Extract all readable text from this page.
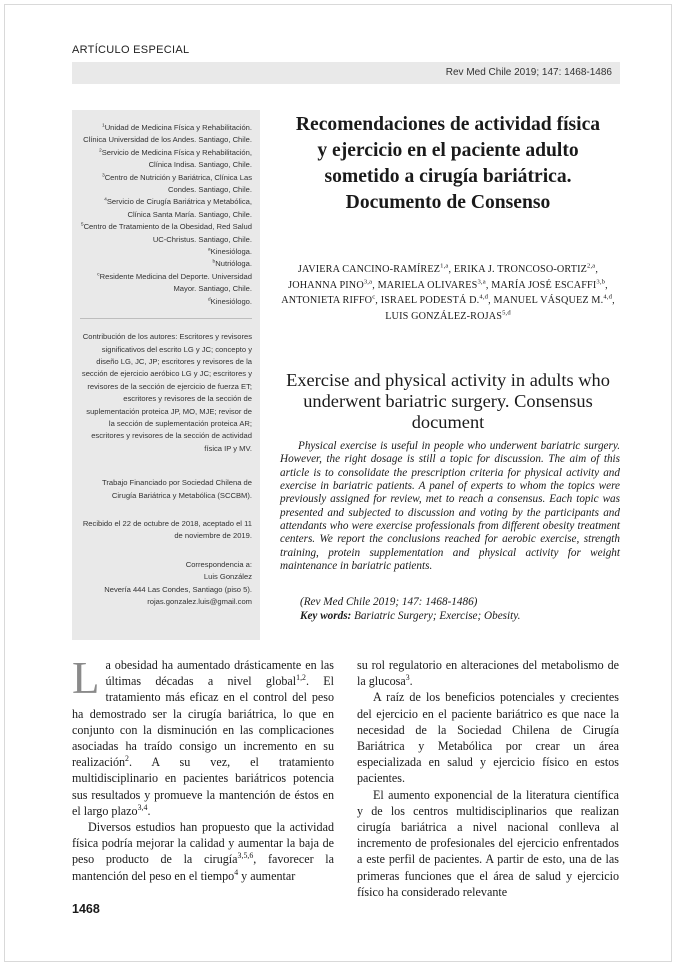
ARTÍCULO ESPECIAL
Rev Med Chile 2019; 147: 1468-1486

$^1$Unidad de Medicina Física y Rehabilitación. Clínica Universidad de los Andes. Santiago, Chile.

$^2$Servicio de Medicina Física y Rehabilitación, Clínica Indisa. Santiago, Chile.

$^3$Centro de Nutrición y Bariátrica, Clínica Las Condes. Santiago, Chile.

$^4$Servicio de Cirugía Bariátrica y Metabólica, Clínica Santa María. Santiago, Chile.

$^5$Centro de Tratamiento de la Obesidad, Red Salud UC-Christus. Santiago, Chile.

$^a$Kinesióloga.

$^b$Nutrióloga.

$^c$Residente Medicina del Deporte. Universidad Mayor. Santiago, Chile.

$^d$Kinesiólogo.

Contribución de los autores: Escritores y revisores significativos del escrito LG y JC; concepto y diseño LG, JC, JP; escritores y revisores de la sección de ejercicio aeróbico LG y JC; escritores y revisores de la sección de ejercicio de fuerza ET; escritores y revisores de la sección de suplementación proteica JP, MO, MJE; revisor de la sección de suplementación proteica AR; escritores y revisores de la sección de actividad física IP y MV.

Trabajo Financiado por Sociedad Chilena de Cirugía Bariátrica y Metabólica (SCCBM).

Recibido el 22 de octubre de 2018, aceptado el 11 de noviembre de 2019.

Correspondencia a:

Luis González

Nevería 444 Las Condes, Santiago (piso 5).

rojas.gonzalez.luis@gmail.com

Recomendaciones de actividad física y ejercicio en el paciente adulto sometido a cirugía bariátrica. Documento de Consenso
JAVIERA CANCINO-RAMÍREZ$^{1,a}$, ERIKA J. TRONCOSO-ORTIZ$^{2,a}$, JOHANNA PINO$^{3,a}$, MARIELA OLIVARES$^{3,a}$, MARÍA JOSÉ ESCAFFI$^{3,b}$, ANTONIETA RIFFO$^c$, ISRAEL PODESTÁ D.$^{4,d}$, MANUEL VÁSQUEZ M.$^{4,d}$, LUIS GONZÁLEZ-ROJAS$^{5,d}$
Exercise and physical activity in adults who underwent bariatric surgery. Consensus document

Physical exercise is useful in people who underwent bariatric surgery. However, the right dosage is still a topic for discussion. The aim of this article is to consolidate the prescription criteria for physical activity and exercise in bariatric patients. A panel of experts to whom the topics were previously assigned for review, met to reach a consensus. Each topic was presented and subjected to discussion and voting by the participants and attendants who were exercise professionals from different obesity treatment centers. We report the conclusions reached for aerobic exercise, strength training, protein supplementation and physical activity for weight maintenance in bariatric patients.

(Rev Med Chile 2019; 147: 1468-1486)
Key words: Bariatric Surgery; Exercise; Obesity.

La obesidad ha aumentado drásticamente en las últimas décadas a nivel global$^{1,2}$. El tratamiento más eficaz en el control del peso ha demostrado ser la cirugía bariátrica, lo que en conjunto con la disminución en las complicaciones asociadas ha traído consigo un incremento en su realización$^2$. A su vez, el tratamiento multidisciplinario en pacientes bariátricos potencia sus resultados y promueve la mantención de éstos en el largo plazo$^{3,4}$.

Diversos estudios han propuesto que la actividad física podría mejorar la calidad y aumentar la baja de peso producto de la cirugía$^{3,5,6}$, favorecer la mantención del peso en el tiempo$^4$ y aumentar

su rol regulatorio en alteraciones del metabolismo de la glucosa$^3$.

A raíz de los beneficios potenciales y crecientes del ejercicio en el paciente bariátrico es que nace la necesidad de la Sociedad Chilena de Cirugía Bariátrica y Metabólica por crear un área especializada en salud y ejercicio físico en estos pacientes.

El aumento exponencial de la literatura científica y de los centros multidisciplinarios que realizan cirugía bariátrica a nivel nacional conlleva al incremento de profesionales del ejercicio enfrentados a este perfil de pacientes. A partir de esto, una de las primeras funciones que el área de salud y ejercicio físico ha considerado relevante

1468
